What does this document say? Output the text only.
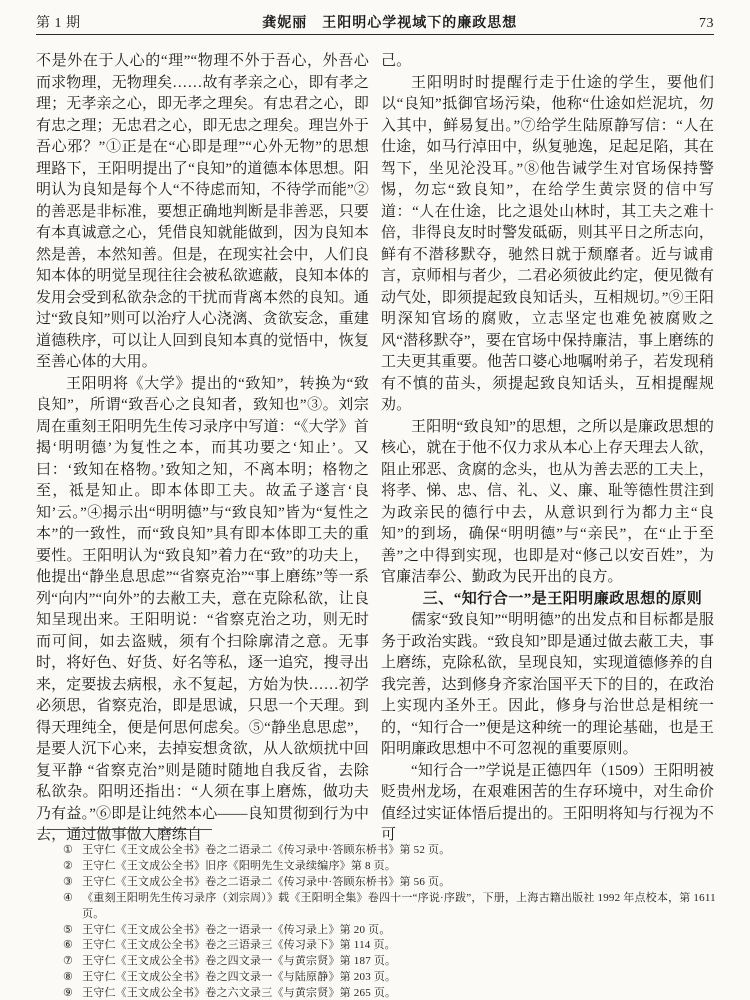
第 1 期	龚妮丽　王阳明心学视域下的廉政思想	73

不是外在于人心的“理”“物理不外于吾心，外吾心而求物理，无物理矣……故有孝亲之心，即有孝之理；无孝亲之心，即无孝之理矣。有忠君之心，即有忠之理；无忠君之心，即无忠之理矣。理岂外于吾心邪？”①正是在“心即是理”“心外无物”的思想理路下，王阳明提出了“良知”的道德本体思想。阳明认为良知是每个人“不待虑而知，不待学而能”②的善恶是非标准，要想正确地判断是非善恶，只要有本真诚意之心，凭借良知就能做到，因为良知本然是善，本然知善。但是，在现实社会中，人们良知本体的明觉呈现往往会被私欲遮蔽，良知本体的发用会受到私欲杂念的干扰而背离本然的良知。通过“致良知”则可以治疗人心浇漓、贪欲妄念，重建道德秩序，可以让人回到良知本真的觉悟中，恢复至善心体的大用。

王阳明将《大学》提出的“致知”，转换为“致良知”，所谓“致吾心之良知者，致知也”③。刘宗周在重刻王阳明先生传习录序中写道：“《大学》首揭‘明明德’为复性之本，而其功要之‘知止’。又曰：‘致知在格物。’致知之知，不离本明；格物之至，祗是知止。即本体即工夫。故孟子遂言‘良知’云。”④揭示出“明明德”与“致良知”皆为“复性之本”的一致性，而“致良知”具有即本体即工夫的重要性。王阳明认为“致良知”着力在“致”的功夫上，他提出“静坐息思虑”“省察克治”“事上磨练”等一系列“向内”“向外”的去敝工夫，意在克除私欲，让良知呈现出来。王阳明说：“省察克治之功，则无时而可间，如去盗贼，须有个扫除廓清之意。无事时，将好色、好货、好名等私，逐一追究，搜寻出来，定要拔去病根，永不复起，方始为快……初学必须思，省察克治，即是思诚，只思一个天理。到得天理纯全，便是何思何虑矣。⑤“静坐息思虑”，是要人沉下心来，去掉妄想贪欲，从人欲烦扰中回复平静 “省察克治”则是随时随地自我反省，去除私欲杂。阳明还指出：“人须在事上磨炼，做功夫乃有益。”⑥即是让纯然本心——良知贯彻到行为中去，通过做事做人磨练自

己。

王阳明时时提醒行走于仕途的学生，要他们以“良知”抵御官场污染，他称“仕途如烂泥坑，勿入其中，鲜易复出。”⑦给学生陆原静写信：“人在仕途，如马行淖田中，纵复驰逸，足起足陷，其在驾下，坐见沦没耳。”⑧他告诫学生对官场保持警惕，勿忘“致良知”，在给学生黄宗贤的信中写道：“人在仕途，比之退处山林时，其工夫之难十倍，非得良友时时警发砥砺，则其平日之所志向，鲜有不潜移默夺，驰然日就于颓靡者。近与诚甫言，京师相与者少，二君必须彼此约定，便见微有动气处，即须提起致良知话头，互相规切。”⑨王阳明深知官场的腐败，立志坚定也难免被腐败之风“潜移默夺”，要在官场中保持廉洁，事上磨练的工夫更其重要。他苦口婆心地嘱咐弟子，若发现稍有不慎的苗头，须提起致良知话头，互相提醒规劝。

王阳明“致良知”的思想，之所以是廉政思想的核心，就在于他不仅力求从本心上存天理去人欲，阻止邪恶、贪腐的念头，也从为善去恶的工夫上，将孝、悌、忠、信、礼、义、廉、耻等德性贯注到为政亲民的德行中去，从意识到行为都力主“良知”的到场，确保“明明德”与“亲民”，在“止于至善”之中得到实现，也即是对“修己以安百姓”，为官廉洁奉公、勤政为民开出的良方。

三、“知行合一”是王阳明廉政思想的原则

儒家“致良知”“明明德”的出发点和目标都是服务于政治实践。“致良知”即是通过做去蔽工夫，事上磨练，克除私欲，呈现良知，实现道德修养的自我完善，达到修身齐家治国平天下的目的，在政治上实现内圣外王。因此，修身与治世总是相统一的，“知行合一”便是这种统一的理论基础，也是王阳明廉政思想中不可忽视的重要原则。

“知行合一”学说是正德四年（1509）王阳明被贬贵州龙场，在艰难困苦的生存环境中，对生命价值经过实证体悟后提出的。王阳明将知与行视为不可

① 王守仁《王文成公全书》卷之二语录二《传习录中·答顾东桥书》第 52 页。
② 王守仁《王文成公全书》旧序《阳明先生文录续编序》第 8 页。
③ 王守仁《王文成公全书》卷之二语录二《传习录中·答顾东桥书》第 56 页。
④ 《重刻王阳明先生传习录序（刘宗周）》载《王阳明全集》卷四十一“序说·序跋”，下册，上海古籍出版社 1992 年点校本，第 1611 页。
⑤ 王守仁《王文成公全书》卷之一语录一《传习录上》第 20 页。
⑥ 王守仁《王文成公全书》卷之三语录三《传习录下》第 114 页。
⑦ 王守仁《王文成公全书》卷之四文录一《与黄宗贤》第 187 页。
⑧ 王守仁《王文成公全书》卷之四文录一《与陆原静》第 203 页。
⑨ 王守仁《王文成公全书》卷之六文录三《与黄宗贤》第 265 页。
